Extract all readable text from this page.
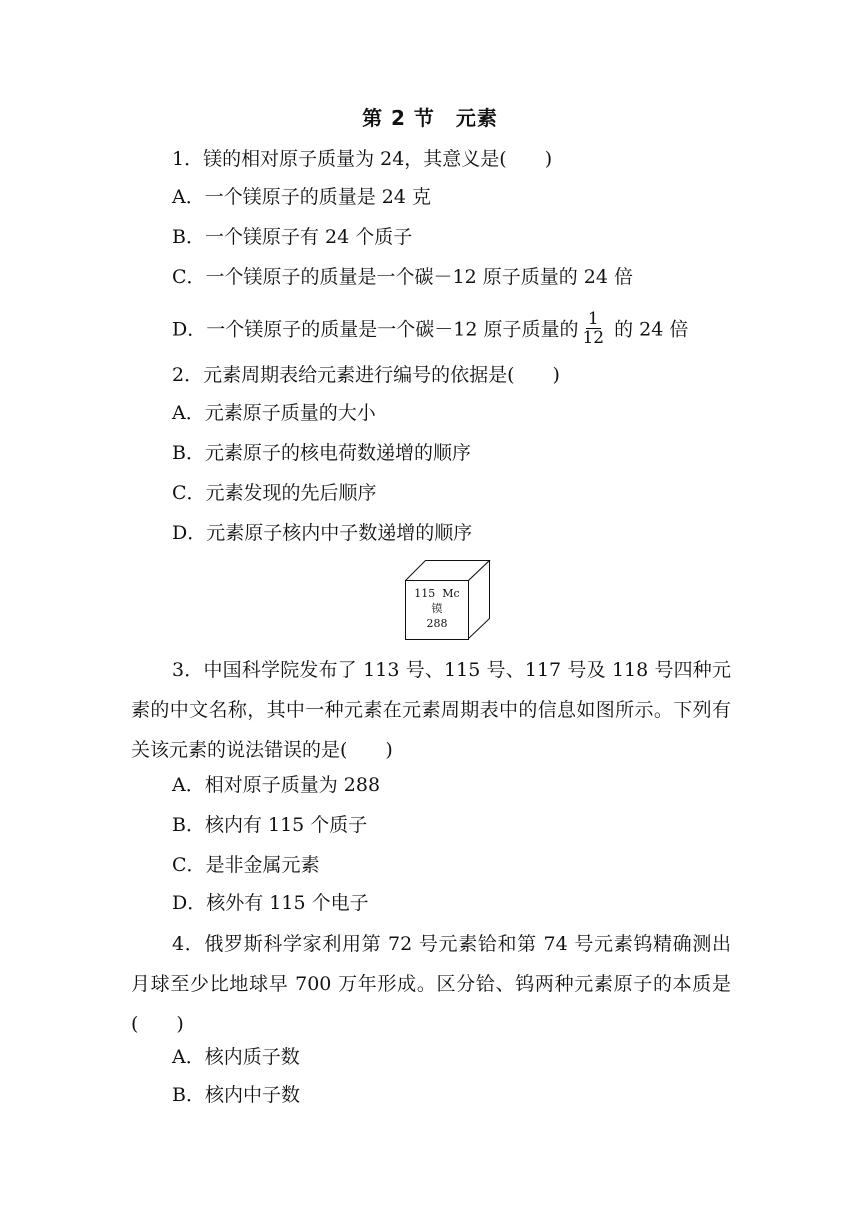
第 2 节　元素
1．镁的相对原子质量为 24，其意义是(　　)
A．一个镁原子的质量是 24 克
B．一个镁原子有 24 个质子
C．一个镁原子的质量是一个碳－12 原子质量的 24 倍
D．一个镁原子的质量是一个碳－12 原子质量的 $\frac{1}{12}$ 的 24 倍
2．元素周期表给元素进行编号的依据是(　　)
A．元素原子质量的大小
B．元素原子的核电荷数递增的顺序
C．元素发现的先后顺序
D．元素原子核内中子数递增的顺序
115 Mc
镆
288
3．中国科学院发布了 113 号、115 号、117 号及 118 号四种元素的中文名称，其中一种元素在元素周期表中的信息如图所示。下列有关该元素的说法错误的是(　　)
A．相对原子质量为 288
B．核内有 115 个质子
C．是非金属元素
D．核外有 115 个电子
4．俄罗斯科学家利用第 72 号元素铪和第 74 号元素钨精确测出月球至少比地球早 700 万年形成。区分铪、钨两种元素原子的本质是(　　)
A．核内质子数
B．核内中子数
